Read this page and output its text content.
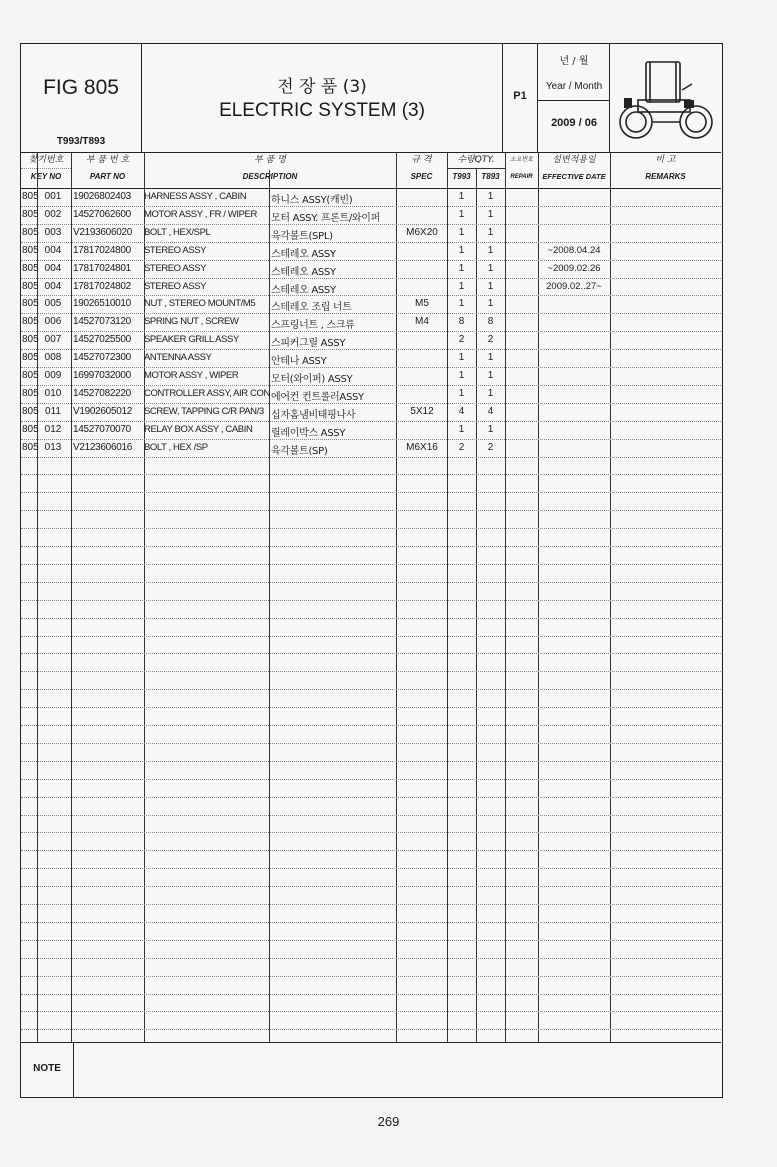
FIG 805
T993/T893
전 장 품 (3)
ELECTRIC SYSTEM (3)
P1
년 / 월
Year / Month
2009 / 06
찾기번호
KEY NO
부 품 번 호
PART NO
부 품 명
DESCRIPTION
규 격
SPEC
수량QTY.
T993	T893
소요번호
REPAIR
설변적용일
EFFECTIVE DATE
비 고
REMARKS
805 001	19026802403	HARNESS ASSY , CABIN	하니스 ASSY(캐빈)	1	1
805 002	14527062600	MOTOR ASSY , FR / WIPER	모터 ASSY. 프론트/와이퍼	1	1
805 003	V2193606020	BOLT , HEX/SPL	육각볼트(SPL)	M6X20	1	1
805 004	17817024800	STEREO ASSY	스테레오 ASSY	1	1	~2008.04.24
805 004	17817024801	STEREO ASSY	스테레오 ASSY	1	1	~2009.02.26
805 004	17817024802	STEREO ASSY	스테레오 ASSY	1	1	2009.02..27~
805 005	19026510010	NUT , STEREO MOUNT/M5	스테레오 조립 너트	M5	1	1
805 006	14527073120	SPRING NUT , SCREW	스프링너트 , 스크류	M4	8	8
805 007	14527025500	SPEAKER GRILL ASSY	스피커그릴 ASSY	2	2
805 008	14527072300	ANTENNA ASSY	안테나 ASSY	1	1
805 009	16997032000	MOTOR ASSY , WIPER	모터(와이퍼) ASSY	1	1
805 010	14527082220	CONTROLLER ASSY, AIR CON 에어컨 컨트롤러ASSY	1	1
805 011	V1902605012	SCREW, TAPPING C/R PAN/3 십자홈냄비태핑나사	5X12	4	4
805 012	14527070070	RELAY BOX ASSY , CABIN	릴레이박스 ASSY	1	1
805 013	V2123606016	BOLT , HEX /SP	육각볼트(SP)	M6X16	2	2
NOTE
269
